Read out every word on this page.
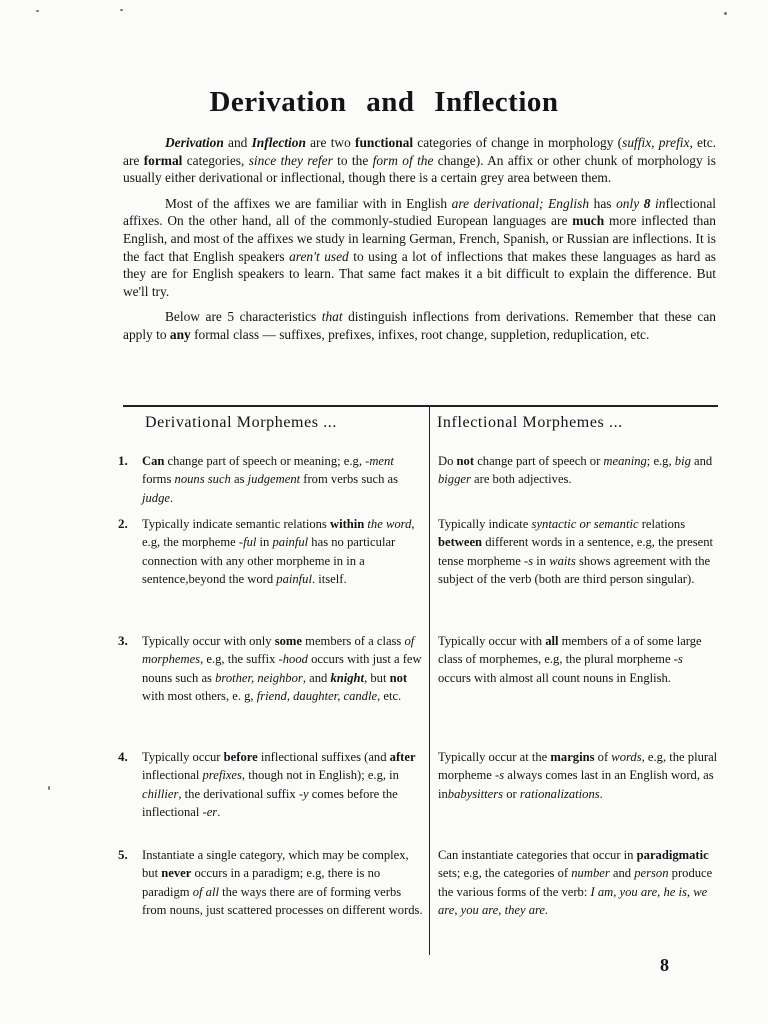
Derivation and Inflection

Derivation and Inflection are two functional categories of change in morphology (suffix, prefix, etc. are formal categories, since they refer to the form of the change). An affix or other chunk of morphology is usually either derivational or inflectional, though there is a certain grey area between them.

Most of the affixes we are familiar with in English are derivational; English has only 8 inflectional affixes. On the other hand, all of the commonly-studied European languages are much more inflected than English, and most of the affixes we study in learning German, French, Spanish, or Russian are inflections. It is the fact that English speakers aren't used to using a lot of inflections that makes these languages as hard as they are for English speakers to learn. That same fact makes it a bit difficult to explain the difference. But we'll try.

Below are 5 characteristics that distinguish inflections from derivations. Remember that these can apply to any formal class — suffixes, prefixes, infixes, root change, suppletion, reduplication, etc.

Derivational Morphemes ...	Inflectional Morphemes ...
1. Can change part of speech or meaning; e.g, -ment forms nouns such as judgement from verbs such as judge.
Do not change part of speech or meaning; e.g, big and bigger are both adjectives.
2. Typically indicate semantic relations within the word, e.g, the morpheme -ful in painful has no particular connection with any other morpheme in in a sentence,beyond the word painful. itself.
Typically indicate syntactic or semantic relations between different words in a sentence, e.g, the present tense morpheme -s in waits shows agreement with the subject of the verb (both are third person singular).
3. Typically occur with only some members of a class of morphemes, e.g, the suffix -hood occurs with just a few nouns such as brother, neighbor, and knight, but not with most others, e. g, friend, daughter, candle, etc.
Typically occur with all members of a of some large class of morphemes, e.g, the plural morpheme -s occurs with almost all count nouns in English.
4. Typically occur before inflectional suffixes (and after inflectional prefixes, though not in English); e.g, in chillier, the derivational suffix -y comes before the inflectional -er.
Typically occur at the margins of words, e.g, the plural morpheme -s always comes last in an English word, as inbabysitters or rationalizations.
5. Instantiate a single category, which may be complex, but never occurs in a paradigm; e.g, there is no paradigm of all the ways there are of forming verbs from nouns, just scattered processes on different words.
Can instantiate categories that occur in paradigmatic sets; e.g, the categories of number and person produce the various forms of the verb: I am, you are, he is, we are, you are, they are.
8
